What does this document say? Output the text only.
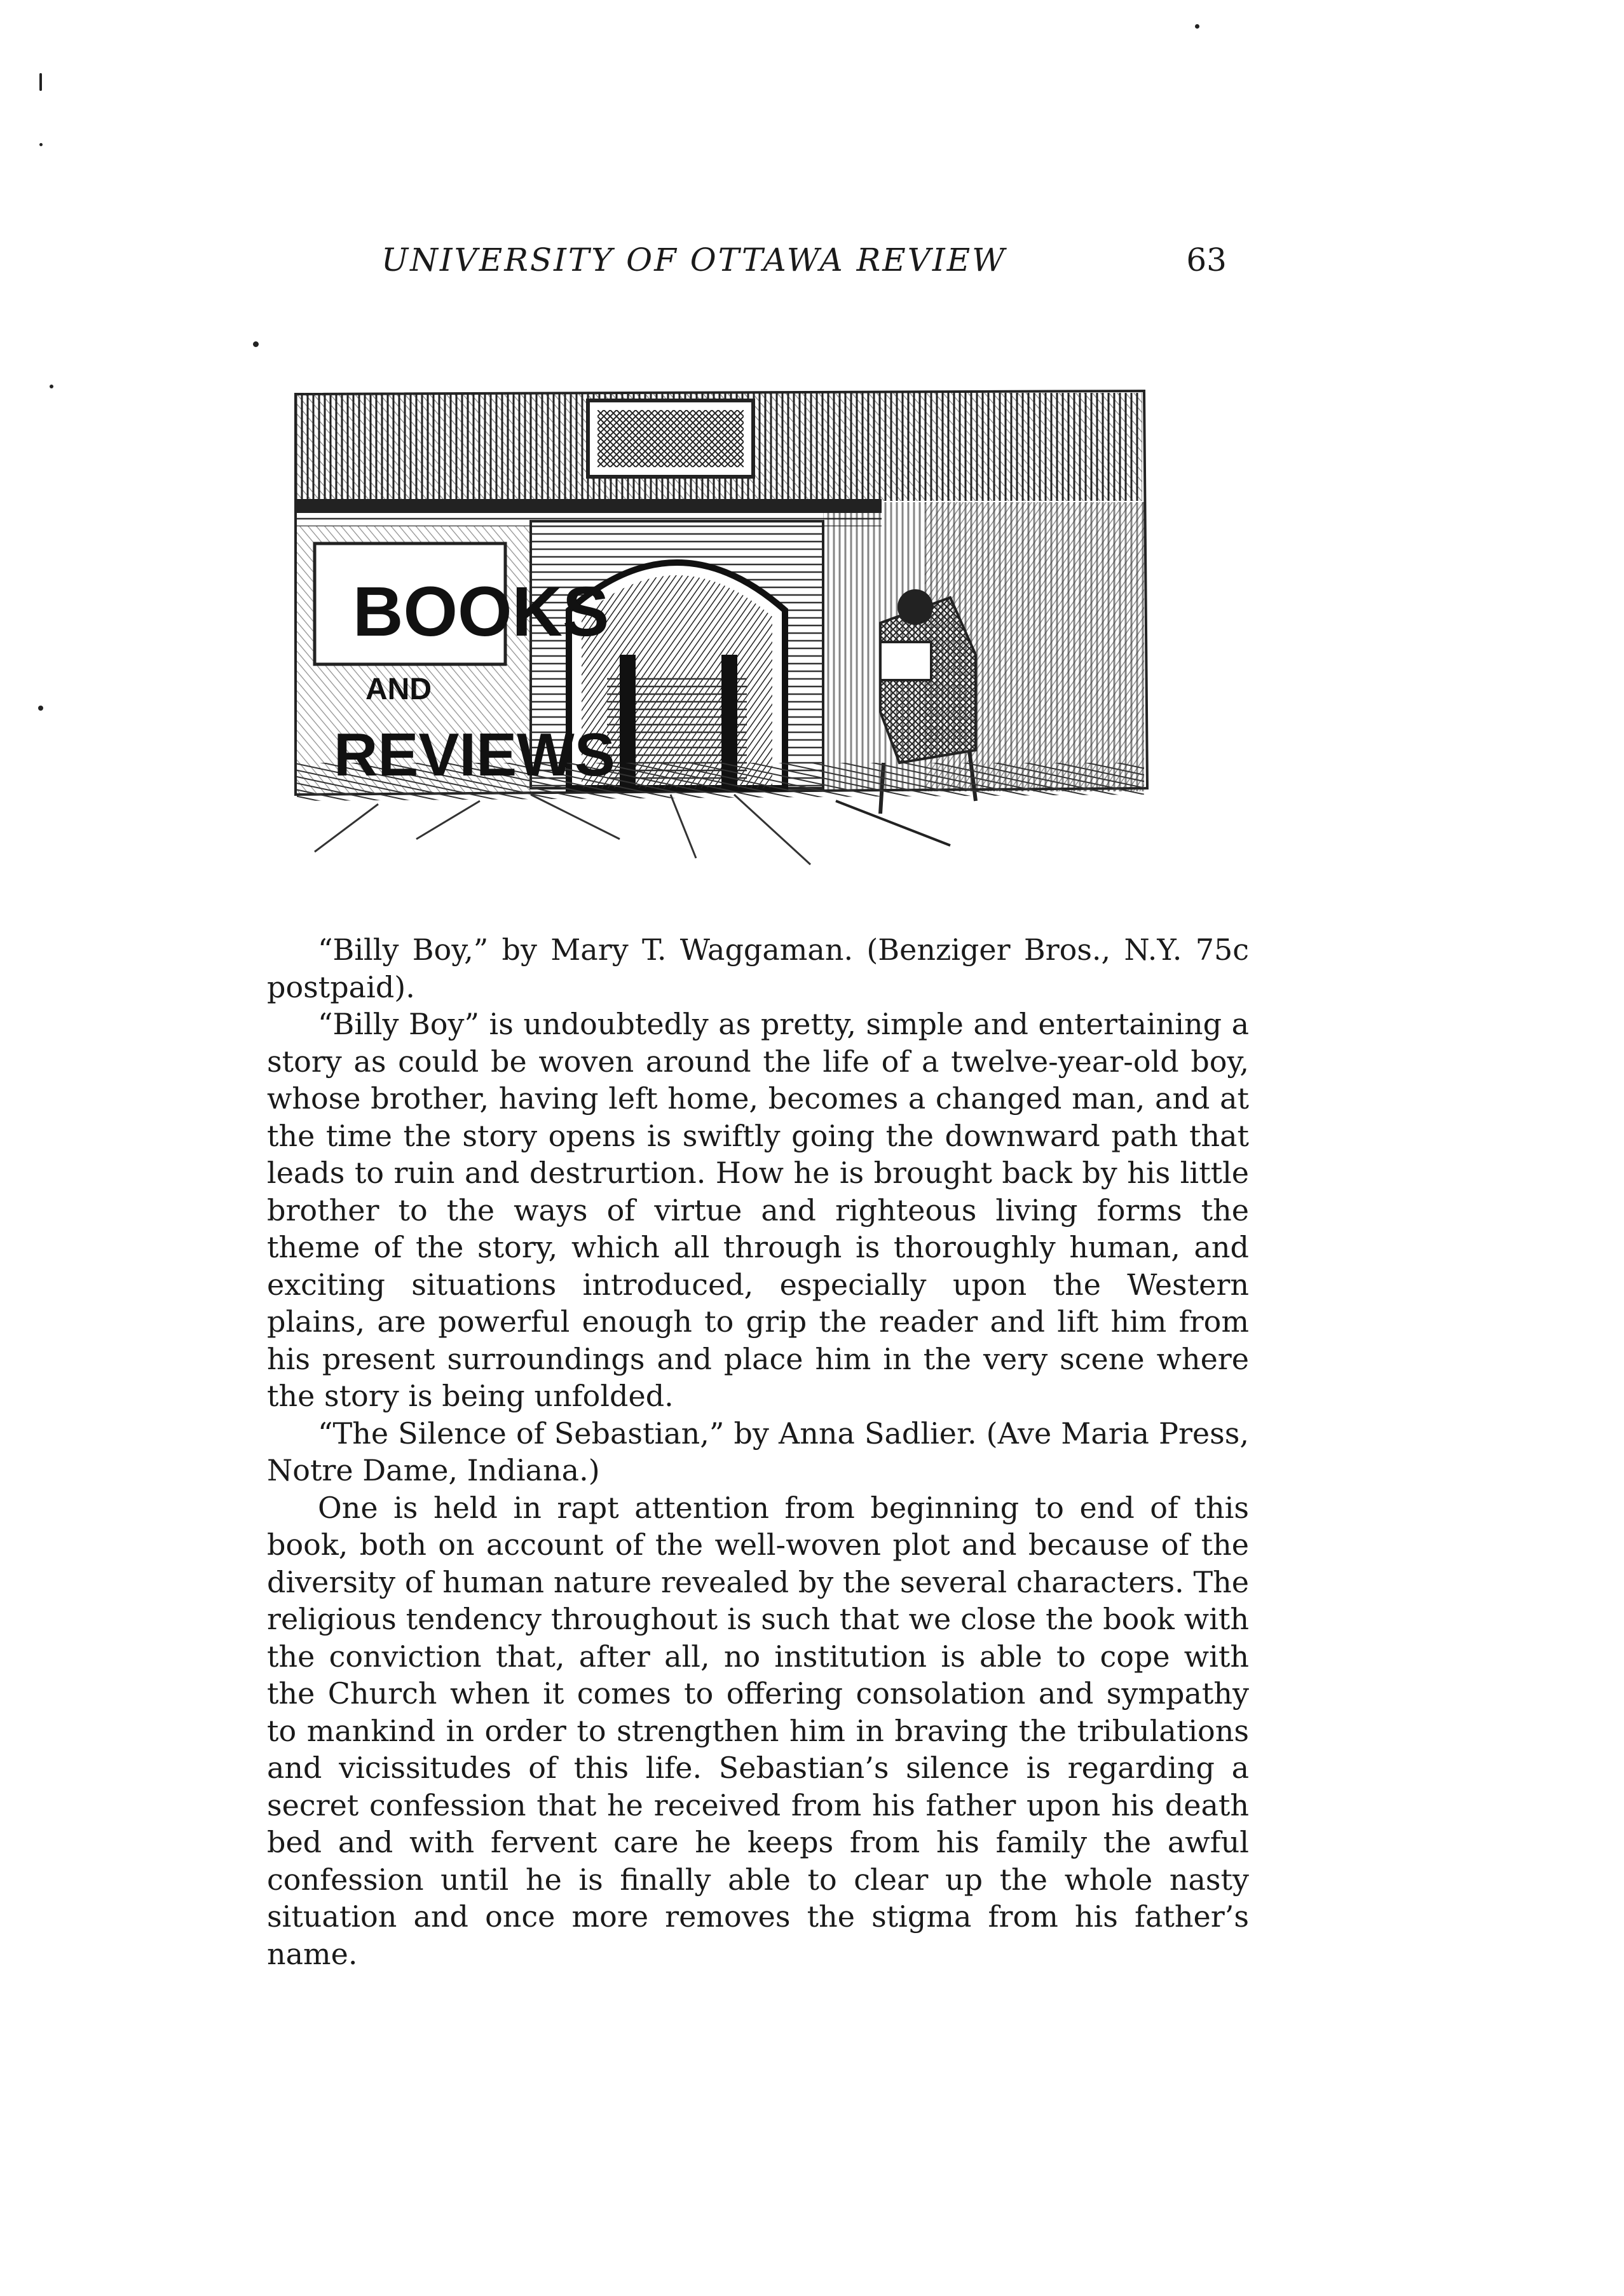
UNIVERSITY OF OTTAWA REVIEW	63
BOOKS
AND
REVIEWS

“Billy Boy,” by Mary T. Waggaman. (Benziger Bros., N.Y. 75c postpaid).

“Billy Boy” is undoubtedly as pretty, simple and entertaining a story as could be woven around the life of a twelve-year-old boy, whose brother, having left home, becomes a changed man, and at the time the story opens is swiftly going the downward path that leads to ruin and destrurtion. How he is brought back by his little brother to the ways of virtue and righteous living forms the theme of the story, which all through is thoroughly human, and exciting situations introduced, especially upon the Western plains, are powerful enough to grip the reader and lift him from his present surroundings and place him in the very scene where the story is being unfolded.

“The Silence of Sebastian,” by Anna Sadlier. (Ave Maria Press, Notre Dame, Indiana.)

One is held in rapt attention from beginning to end of this book, both on account of the well-woven plot and because of the diversity of human nature revealed by the several characters. The religious tendency throughout is such that we close the book with the conviction that, after all, no institution is able to cope with the Church when it comes to offering consolation and sympathy to mankind in order to strengthen him in braving the tribulations and vicissitudes of this life. Sebastian’s silence is regarding a secret confession that he received from his father upon his death bed and with fervent care he keeps from his family the awful confession until he is finally able to clear up the whole nasty situation and once more removes the stigma from his father’s name.
